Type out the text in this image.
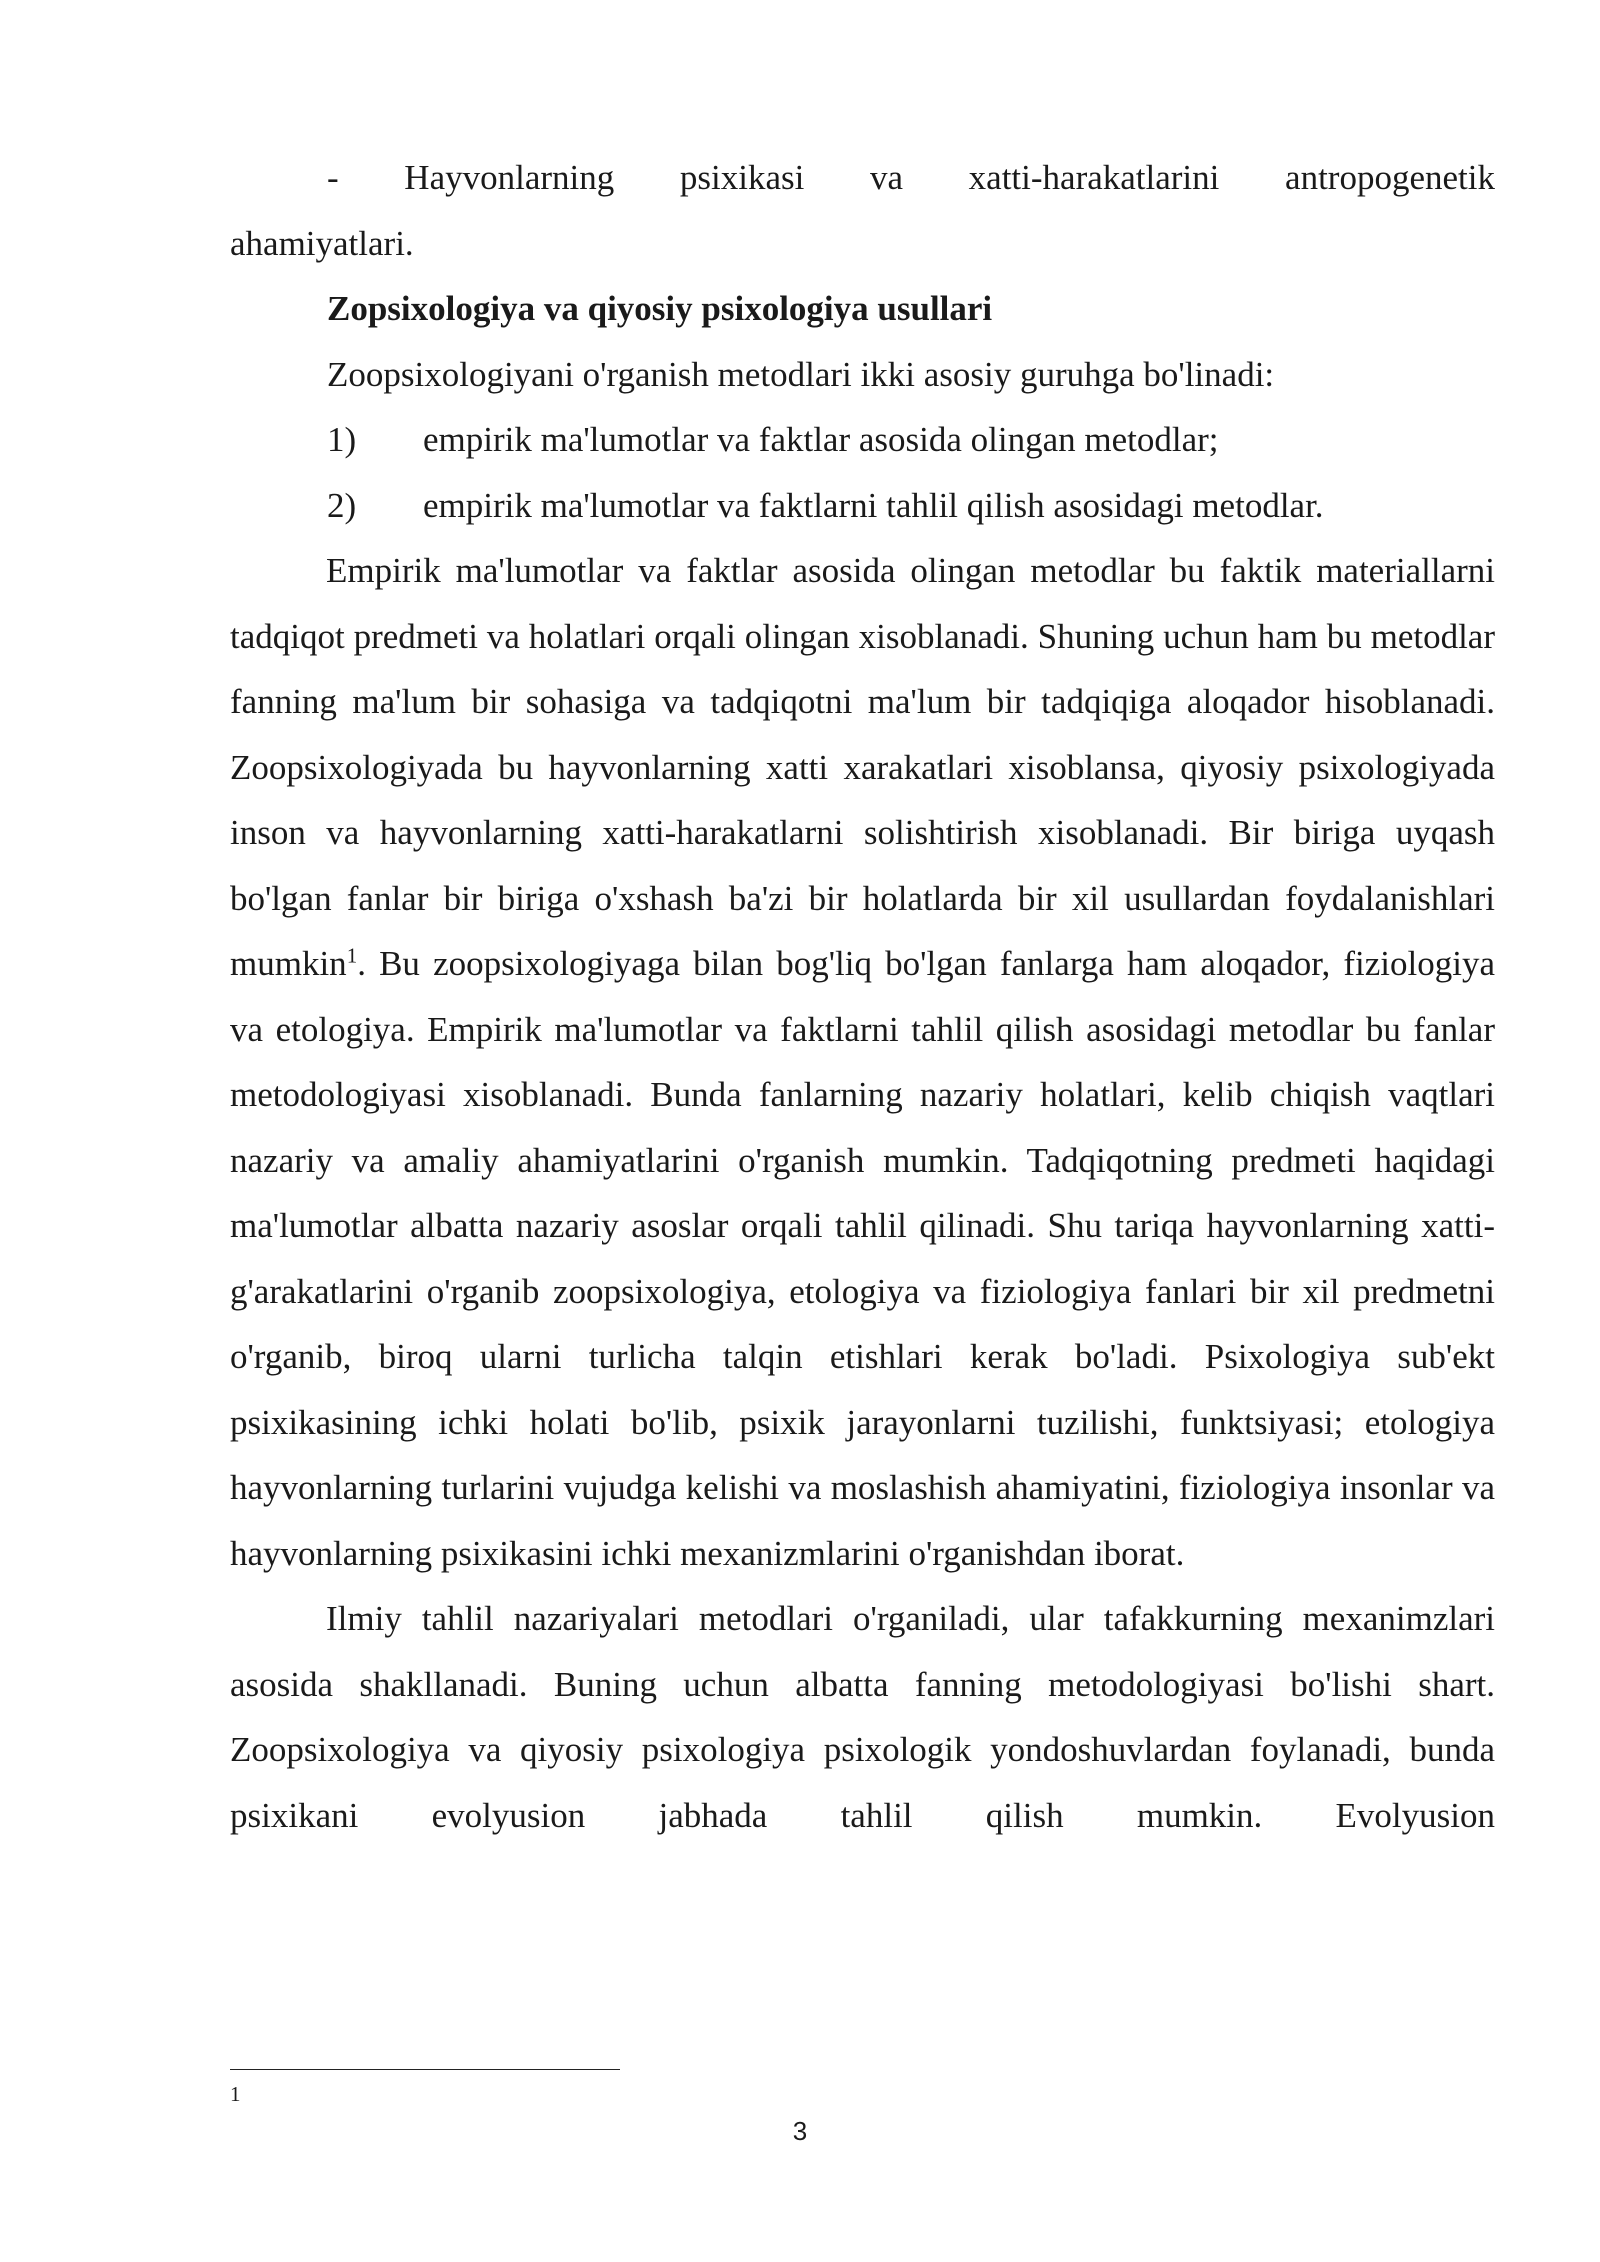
- Hayvonlarning psixikasi va xatti-harakatlarini antropogenetik

ahamiyatlari.

Zopsixologiya va qiyosiy psixologiya usullari

Zoopsixologiyani o'rganish metodlari ikki asosiy guruhga bo'linadi:

1)	empirik ma'lumotlar va faktlar asosida olingan metodlar;
2)	empirik ma'lumotlar va faktlarni tahlil qilish asosidagi metodlar.

Empirik ma'lumotlar va faktlar asosida olingan metodlar bu faktik materiallarni tadqiqot predmeti va holatlari orqali olingan xisoblanadi. Shuning uchun ham bu metodlar fanning ma'lum bir sohasiga va tadqiqotni ma'lum bir tadqiqiga aloqador hisoblanadi. Zoopsixologiyada bu hayvonlarning xatti xarakatlari xisoblansa, qiyosiy psixologiyada inson va hayvonlarning xatti-harakatlarni solishtirish xisoblanadi. Bir biriga uyqash bo'lgan fanlar bir biriga o'xshash ba'zi bir holatlarda bir xil usullardan foydalanishlari mumkin$^1$. Bu zoopsixologiyaga bilan bog'liq bo'lgan fanlarga ham aloqador, fiziologiya va etologiya. Empirik ma'lumotlar va faktlarni tahlil qilish asosidagi metodlar bu fanlar metodologiyasi xisoblanadi. Bunda fanlarning nazariy holatlari, kelib chiqish vaqtlari nazariy va amaliy ahamiyatlarini o'rganish mumkin. Tadqiqotning predmeti haqidagi ma'lumotlar albatta nazariy asoslar orqali tahlil qilinadi. Shu tariqa hayvonlarning xatti-g'arakatlarini o'rganib zoopsixologiya, etologiya va fiziologiya fanlari bir xil predmetni o'rganib, biroq ularni turlicha talqin etishlari kerak bo'ladi. Psixologiya sub'ekt psixikasining ichki holati bo'lib, psixik jarayonlarni tuzilishi, funktsiyasi; etologiya hayvonlarning turlarini vujudga kelishi va moslashish ahamiyatini, fiziologiya insonlar va hayvonlarning psixikasini ichki mexanizmlarini o'rganishdan iborat.

Ilmiy tahlil nazariyalari metodlari o'rganiladi, ular tafakkurning mexanimzlari asosida shakllanadi. Buning uchun albatta fanning metodologiyasi bo'lishi shart. Zoopsixologiya va qiyosiy psixologiya psixologik yondoshuvlardan foylanadi, bunda psixikani evolyusion jabhada tahlil qilish mumkin. Evolyusion

1
3
